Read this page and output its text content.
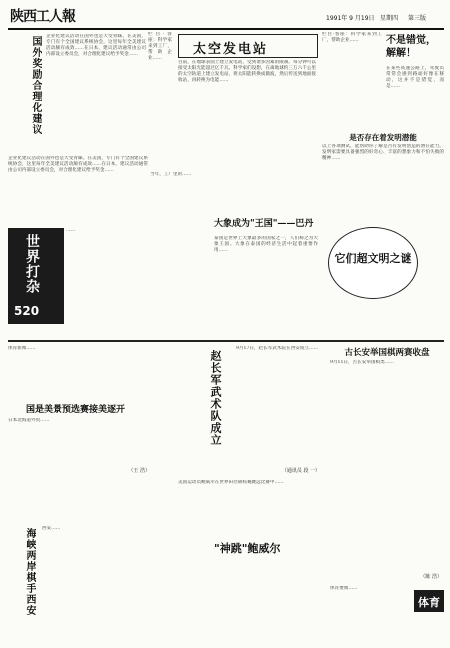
陕西工人報	1991年 9 月19日 星期四 第三版
国外奖励合理化建议 企业化建议活动在国外也是大受青睐。在美国，专门有个全国建议系统协会，这里每年全美建议活动颇有成效……在日本，建议活动通常由公司内部设立委员会，对合理化建议给予奖金……
栏目·客座：科学家来到工厂，帮助企业……
太空发电站
目前，在地球表面上建立发电站，受到诸多因素的限制。每分钟可以接受太阳光能超过亿千瓦。科学家们设想，在离地球约三万六千公里的太空轨道上建立发电站，将太阳能转换成微波，然后传送到地面接收站，再转换为电能……
不是错觉，解解！
在某些高速公路上，驾驶员常常会感到路面好像在移动，这并不是错觉，而是……
栏目·客座：科学家来到工厂，帮助企业……
是否存在着发明潜能
以上各项测试，能帮助你了解是否有发明创造的潜在能力。发明家需要具备强烈的好奇心、丰富的想象力和不怕失败的精神……
它们超文明之谜
当年，工厂里的……
大象成为"王国"——巴丹
泰国是世界上大象最多的国家之一，人们称之为大象王国。大象在泰国的经济生活中起着重要作用……
企业化建议活动在国外也是大受青睐。在美国，专门有个全国建议系统协会，这里每年全美建议活动颇有成效……在日本，建议活动通常由公司内部设立委员会，对合理化建议给予奖金……
世界打杂
520
……
体育新闻……
（王 浩）
国是美景预选赛接美逐开
日本北海道外贸……
海峡两岸棋手西安 西安……
赵长军武术队成立
9月17日，赵长军武术院在西安成立……
（通讯员 段 一）
"神跳"鲍威尔
美国运动员鲍威尔在世界田径锦标赛跳远比赛中……
古长安举国棋两赛收盘
9月11日，古长安举国棋类……
（陈 浩）
体育
体育要闻……
